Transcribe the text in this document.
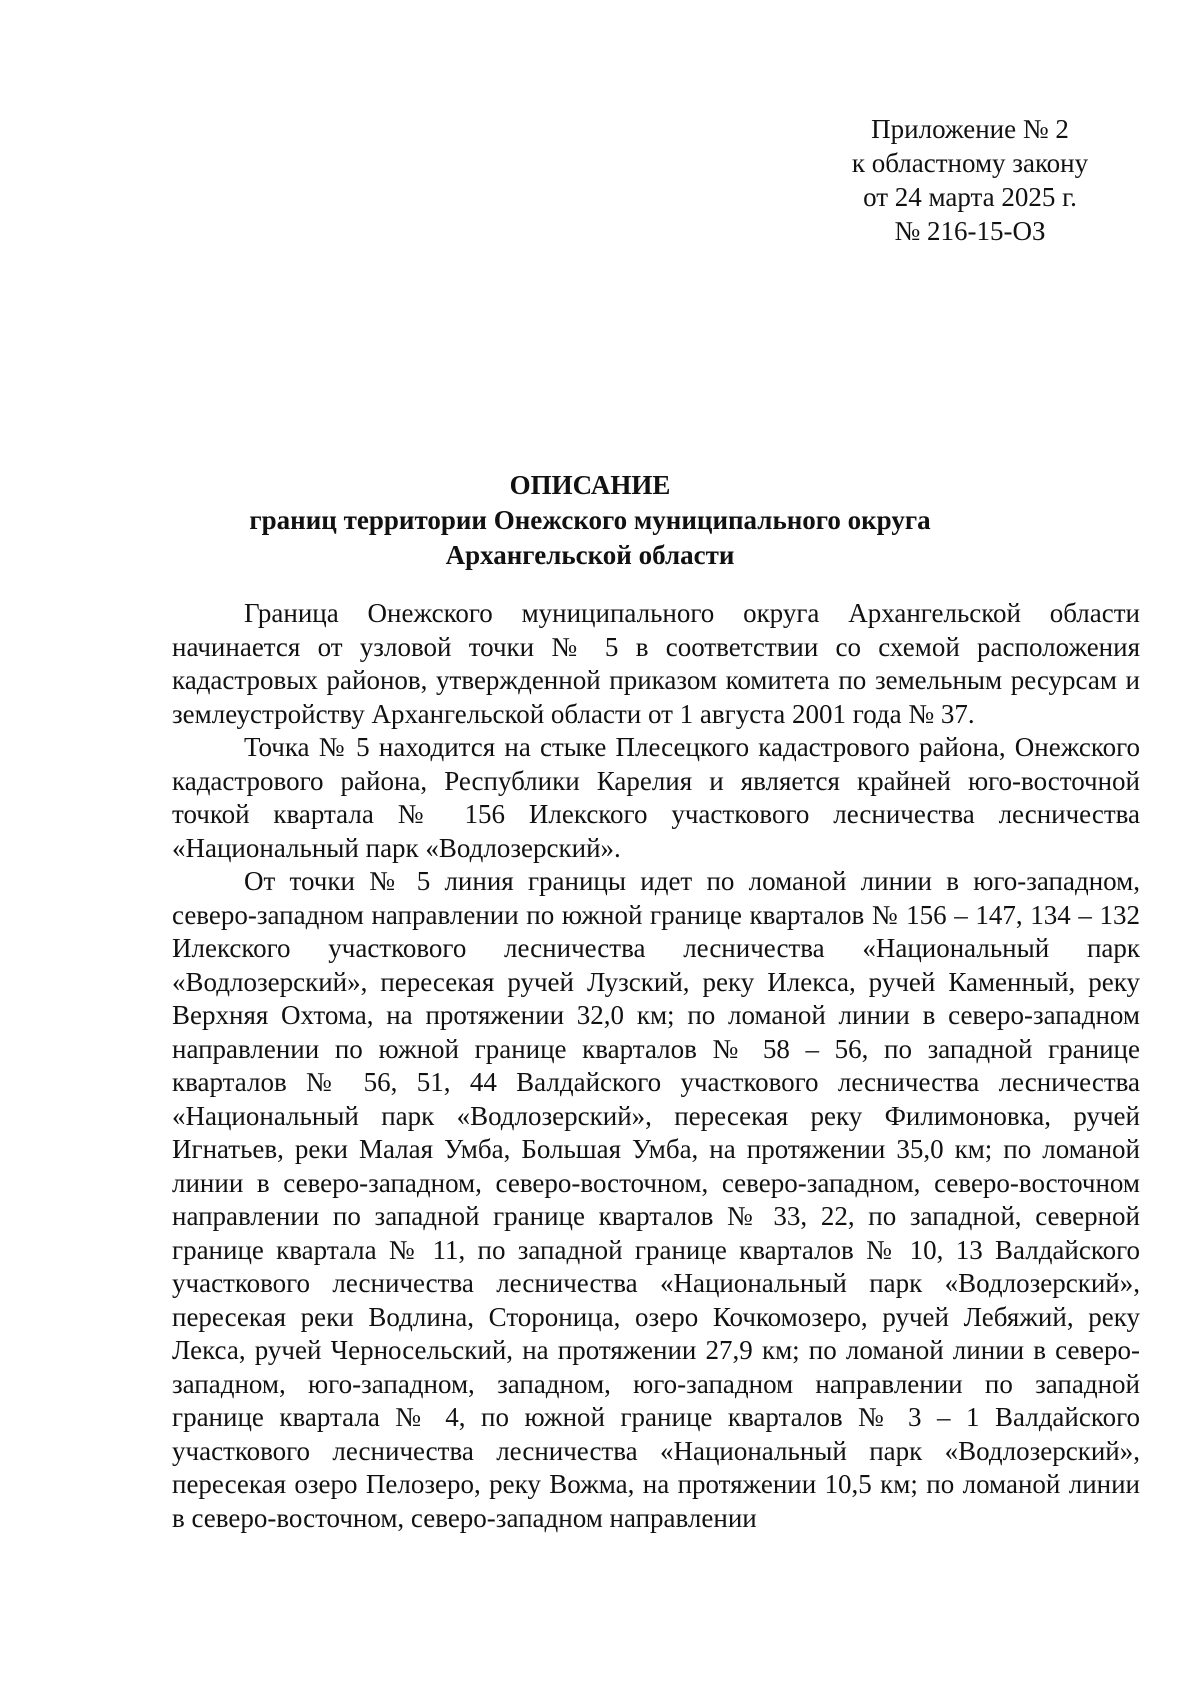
Приложение № 2
к областному закону
от 24 марта 2025 г.
№ 216-15-ОЗ
ОПИСАНИЕ
границ территории Онежского муниципального округа
Архангельской области

Граница Онежского муниципального округа Архангельской области начинается от узловой точки № 5 в соответствии со схемой расположения кадастровых районов, утвержденной приказом комитета по земельным ресурсам и землеустройству Архангельской области от 1 августа 2001 года № 37.

Точка № 5 находится на стыке Плесецкого кадастрового района, Онежского кадастрового района, Республики Карелия и является крайней юго-восточной точкой квартала № 156 Илекского участкового лесничества лесничества «Национальный парк «Водлозерский».

От точки № 5 линия границы идет по ломаной линии в юго-западном, северо-западном направлении по южной границе кварталов № 156 – 147, 134 – 132 Илекского участкового лесничества лесничества «Национальный парк «Водлозерский», пересекая ручей Лузский, реку Илекса, ручей Каменный, реку Верхняя Охтома, на протяжении 32,0 км; по ломаной линии в северо-западном направлении по южной границе кварталов № 58 – 56, по западной границе кварталов № 56, 51, 44 Валдайского участкового лесничества лесничества «Национальный парк «Водлозерский», пересекая реку Филимоновка, ручей Игнатьев, реки Малая Умба, Большая Умба, на протяжении 35,0 км; по ломаной линии в северо-западном, северо-восточном, северо-западном, северо-восточном направлении по западной границе кварталов № 33, 22, по западной, северной границе квартала № 11, по западной границе кварталов № 10, 13 Валдайского участкового лесничества лесничества «Национальный парк «Водлозерский», пересекая реки Водлина, Стороница, озеро Кочкомозеро, ручей Лебяжий, реку Лекса, ручей Черносельский, на протяжении 27,9 км; по ломаной линии в северо-западном, юго-западном, западном, юго-западном направлении по западной границе квартала № 4, по южной границе кварталов № 3 – 1 Валдайского участкового лесничества лесничества «Национальный парк «Водлозерский», пересекая озеро Пелозеро, реку Вожма, на протяжении 10,5 км; по ломаной линии в северо-восточном, северо-западном направлении
